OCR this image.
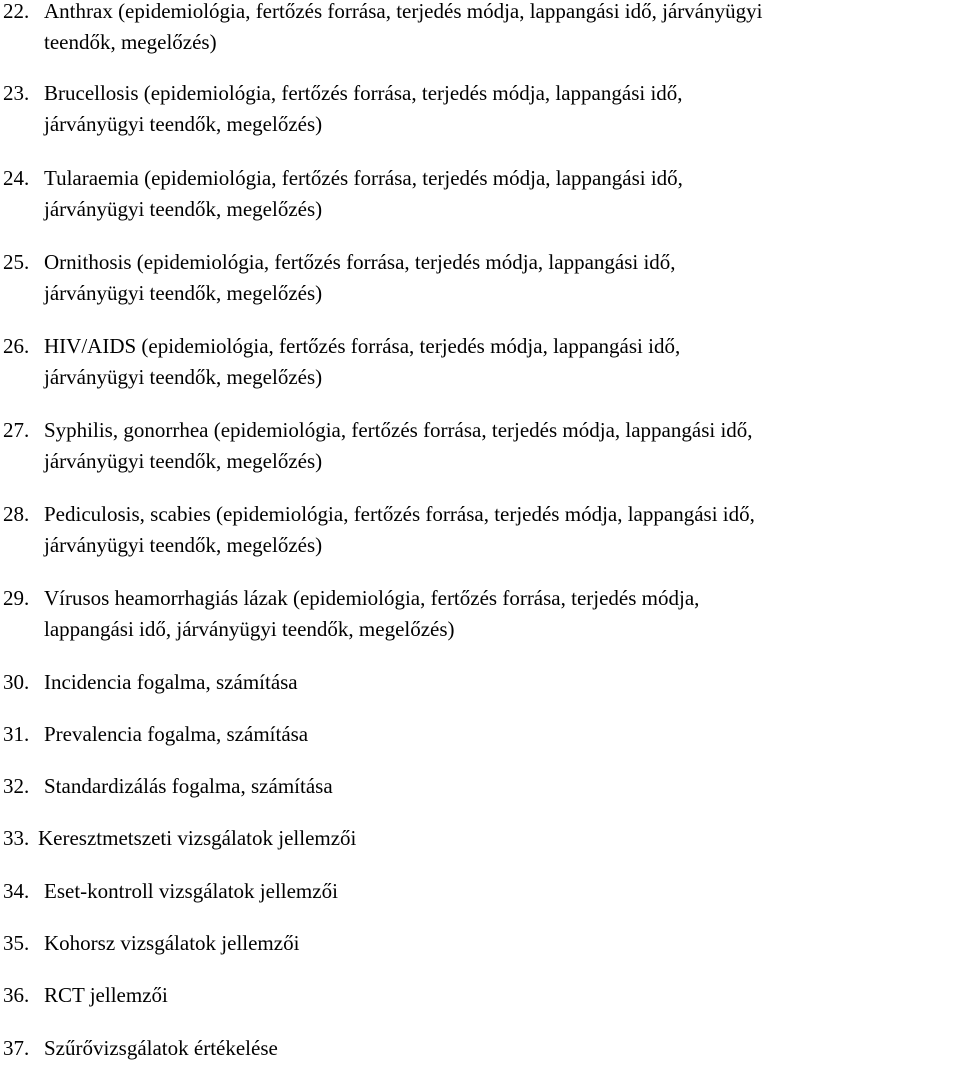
22. Anthrax (epidemiológia, fertőzés forrása, terjedés módja, lappangási idő, járványügyi
teendők, megelőzés)
23. Brucellosis (epidemiológia, fertőzés forrása, terjedés módja, lappangási idő,
járványügyi teendők, megelőzés)
24. Tularaemia (epidemiológia, fertőzés forrása, terjedés módja, lappangási idő,
járványügyi teendők, megelőzés)
25. Ornithosis (epidemiológia, fertőzés forrása, terjedés módja, lappangási idő,
járványügyi teendők, megelőzés)
26. HIV/AIDS (epidemiológia, fertőzés forrása, terjedés módja, lappangási idő,
járványügyi teendők, megelőzés)
27. Syphilis, gonorrhea (epidemiológia, fertőzés forrása, terjedés módja, lappangási idő,
járványügyi teendők, megelőzés)
28. Pediculosis, scabies (epidemiológia, fertőzés forrása, terjedés módja, lappangási idő,
járványügyi teendők, megelőzés)
29. Vírusos heamorrhagiás lázak (epidemiológia, fertőzés forrása, terjedés módja,
lappangási idő, járványügyi teendők, megelőzés)
30. Incidencia fogalma, számítása
31. Prevalencia fogalma, számítása
32. Standardizálás fogalma, számítása
33. Keresztmetszeti vizsgálatok jellemzői
34. Eset-kontroll vizsgálatok jellemzői
35. Kohorsz vizsgálatok jellemzői
36. RCT jellemzői
37. Szűrővizsgálatok értékelése
